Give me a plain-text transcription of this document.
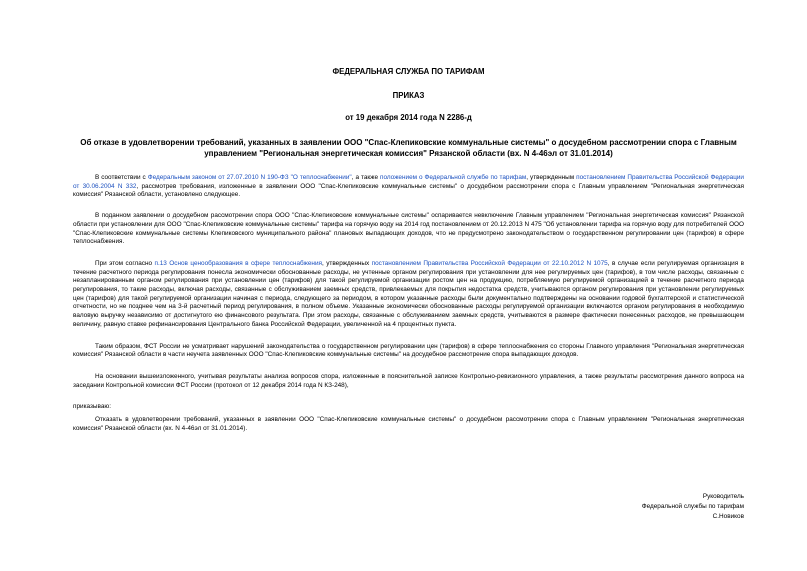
ФЕДЕРАЛЬНАЯ СЛУЖБА ПО ТАРИФАМ

ПРИКАЗ

от 19 декабря 2014 года N 2286-д

Об отказе в удовлетворении требований, указанных в заявлении ООО "Спас-Клепиковские коммунальные системы" о досудебном рассмотрении спора с Главным управлением "Региональная энергетическая комиссия" Рязанской области (вх. N 4-46эл от 31.01.2014)

В соответствии с Федеральным законом от 27.07.2010 N 190-ФЗ "О теплоснабжении", а также положением о Федеральной службе по тарифам, утвержденным постановлением Правительства Российской Федерации от 30.06.2004 N 332, рассмотрев требования, изложенные в заявлении ООО "Спас-Клепиковские коммунальные системы" о досудебном рассмотрении спора с Главным управлением "Региональная энергетическая комиссия" Рязанской области, установлено следующее.

В поданном заявлении о досудебном рассмотрении спора ООО "Спас-Клепиковские коммунальные системы" оспаривается невключение Главным управлением "Региональная энергетическая комиссия" Рязанской области при установлении для ООО "Спас-Клепиковские коммунальные системы" тарифа на горячую воду на 2014 год постановлением от 20.12.2013 N 475 "Об установлении тарифа на горячую воду для потребителей ООО "Спас-Клепиковские коммунальные системы Клепиковского муниципального района" плановых выпадающих доходов, что не предусмотрено законодательством о государственном регулировании цен (тарифов) в сфере теплоснабжения.

При этом согласно п.13 Основ ценообразования в сфере теплоснабжения, утвержденных постановлением Правительства Российской Федерации от 22.10.2012 N 1075, в случае если регулируемая организация в течение расчетного периода регулирования понесла экономически обоснованные расходы, не учтенные органом регулирования при установлении для нее регулируемых цен (тарифов), в том числе расходы, связанные с незапланированным органом регулирования при установлении цен (тарифов) для такой регулируемой организации ростом цен на продукцию, потребляемую регулируемой организацией в течение расчетного периода регулирования, то такие расходы, включая расходы, связанные с обслуживанием заемных средств, привлекаемых для покрытия недостатка средств, учитываются органом регулирования при установлении регулируемых цен (тарифов) для такой регулируемой организации начиная с периода, следующего за периодом, в котором указанные расходы были документально подтверждены на основании годовой бухгалтерской и статистической отчетности, но не позднее чем на 3-й расчетный период регулирования, в полном объеме. Указанные экономически обоснованные расходы регулируемой организации включаются органом регулирования в необходимую валовую выручку независимо от достигнутого ею финансового результата. При этом расходы, связанные с обслуживанием заемных средств, учитываются в размере фактически понесенных расходов, не превышающем величину, равную ставке рефинансирования Центрального банка Российской Федерации, увеличенной на 4 процентных пункта.

Таким образом, ФСТ России не усматривает нарушений законодательства о государственном регулировании цен (тарифов) в сфере теплоснабжения со стороны Главного управления "Региональная энергетическая комиссия" Рязанской области в части неучета заявленных ООО "Спас-Клепиковские коммунальные системы" на досудебное рассмотрение спора выпадающих доходов.

На основании вышеизложенного, учитывая результаты анализа вопросов спора, изложенные в пояснительной записке Контрольно-ревизионного управления, а также результаты рассмотрения данного вопроса на заседании Контрольной комиссии ФСТ России (протокол от 12 декабря 2014 года N КЗ-248),

приказываю:

Отказать в удовлетворении требований, указанных в заявлении ООО "Спас-Клепиковские коммунальные системы" о досудебном рассмотрении спора с Главным управлением "Региональная энергетическая комиссия" Рязанской области (вх. N 4-46эл от 31.01.2014).

Руководитель
Федеральной службы по тарифам
С.Новиков
